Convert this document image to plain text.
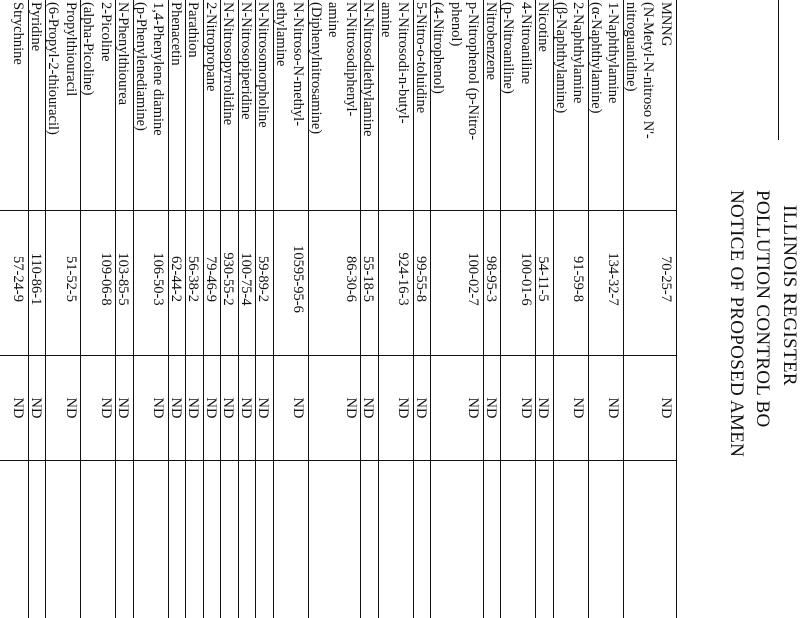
ILLINOIS REGISTER
POLLUTION CONTROL BO
NOTICE OF PROPOSED AMEN
MNNG
70-25-7
ND
(N-Metyl-N-nitroso N'-
nitroguanidine)
1-Naphthylamine
134-32-7
ND
(α-Naphthylamine)
2-Naphthylamine
91-59-8
ND
(β-Naphthylamine)
Nicotine
54-11-5
ND
4-Nitroaniline
100-01-6
ND
(p-Nitroaniline)
Nitrobenzene
98-95-3
ND
p-Nitrophenol (p-Nitro-
100-02-7
ND
phenol)
(4-Nitrophenol)
5-Nitro-o-toluidine
99-55-8
ND
N-Nitrosodi-n-butyl-
924-16-3
ND
amine
N-Nitrosodiethylamine
55-18-5
ND
N-Nitrosodiphenyl-
86-30-6
ND
amine
(Diphenylnitrosamine)
N-Nitroso-N-methyl-
10595-95-6
ND
ethylamine
N-Nitrosomorpholine
59-89-2
ND
N-Nitrosopiperidine
100-75-4
ND
N-Nitrosopyrrolidine
930-55-2
ND
2-Nitropropane
79-46-9
ND
Parathion
56-38-2
ND
Phenacetin
62-44-2
ND
1,4-Phenylene diamine
106-50-3
ND
(p-Phenylenediamine)
N-Phenylthiourea
103-85-5
ND
2-Picoline
109-06-8
ND
(alpha-Picoline)
Propylthiouracil
51-52-5
ND
(6-Propyl-2-thiouracil)
Pyridine
110-86-1
ND
Strychnine
57-24-9
ND
